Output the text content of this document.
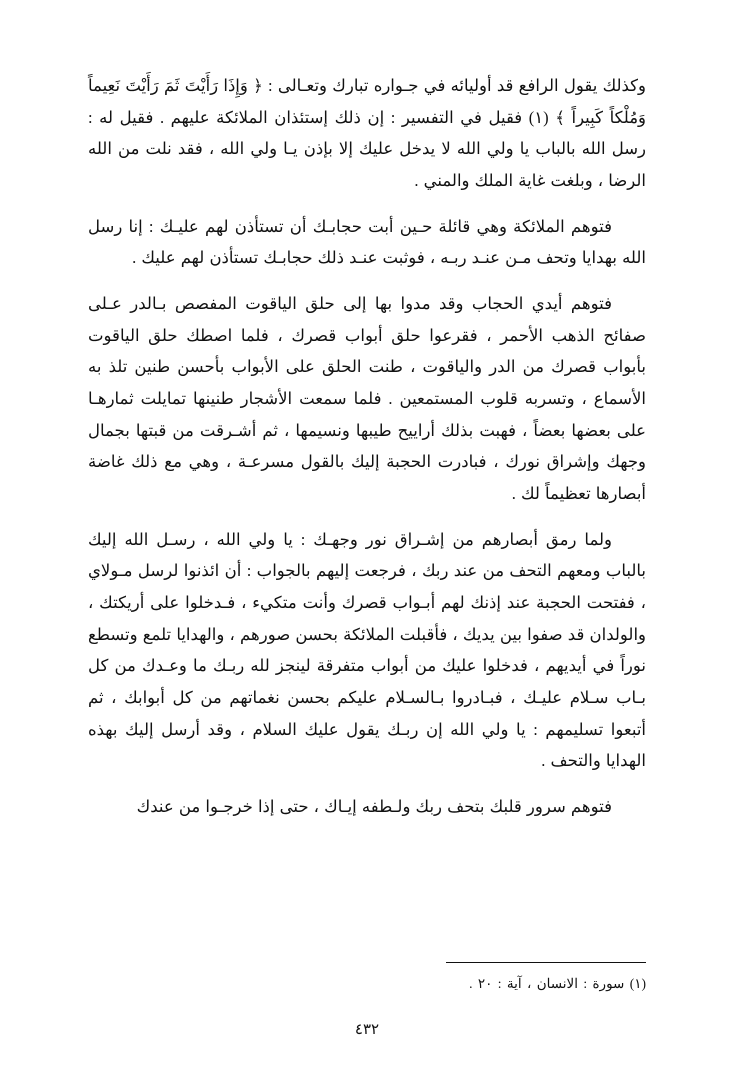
وكذلك يقول الرافع قد أوليائه في جـواره تبارك وتعـالى : ﴿ وَإِذَا رَأَيْتَ ثَمَ رَأَيْتَ نَعِيماً وَمُلْكاً كَبِيراً ﴾ (١) فقيل في التفسير : إن ذلك إستئذان الملائكة عليهم . فقيل له : رسل الله بالباب يا ولي الله لا يدخل عليك إلا بإذن يـا ولي الله ، فقد نلت من الله الرضا ، وبلغت غاية الملك والمني .

فتوهم الملائكة وهي قائلة حـين أبت حجابـك أن تستأذن لهم عليـك : إنا رسل الله بهدايا وتحف مـن عنـد ربـه ، فوثبت عنـد ذلك حجابـك تستأذن لهم عليك .

فتوهم أيدي الحجاب وقد مدوا بها إلى حلق الياقوت المفصص بـالدر عـلى صفائح الذهب الأحمر ، فقرعوا حلق أبواب قصرك ، فلما اصطك حلق الياقوت بأبواب قصرك من الدر والياقوت ، طنت الحلق على الأبواب بأحسن طنين تلذ به الأسماع ، وتسربه قلوب المستمعين . فلما سمعت الأشجار طنينها تمايلت ثمارهـا على بعضها بعضاً ، فهبت بذلك أراييح طيبها ونسيمها ، ثم أشـرقت من قبتها بجمال وجهك وإشراق نورك ، فبادرت الحجبة إليك بالقول مسرعـة ، وهي مع ذلك غاضة أبصارها تعظيماً لك .

ولما رمق أبصارهم من إشـراق نور وجهـك : يا ولي الله ، رسـل الله إليك بالباب ومعهم التحف من عند ربك ، فرجعت إليهم بالجواب : أن ائذنوا لرسل مـولاي ، ففتحت الحجبة عند إذنك لهم أبـواب قصرك وأنت متكيء ، فـدخلوا على أريكتك ، والولدان قد صفوا بين يديك ، فأقبلت الملائكة بحسن صورهم ، والهدايا تلمع وتسطع نوراً في أيديهم ، فدخلوا عليك من أبواب متفرقة لينجز لله ربـك ما وعـدك من كل بـاب سـلام عليـك ، فبـادروا بـالسـلام عليكم بحسن نغماتهم من كل أبوابك ، ثم أتبعوا تسليمهم : يا ولي الله إن ربـك يقول عليك السلام ، وقد أرسل إليك بهذه الهدايا والتحف .

فتوهم سرور قلبك بتحف ربك ولـطفه إيـاك ، حتى إذا خرجـوا من عندك

(١) سورة : الانسان ، آية : ٢٠ .
٤٣٢
